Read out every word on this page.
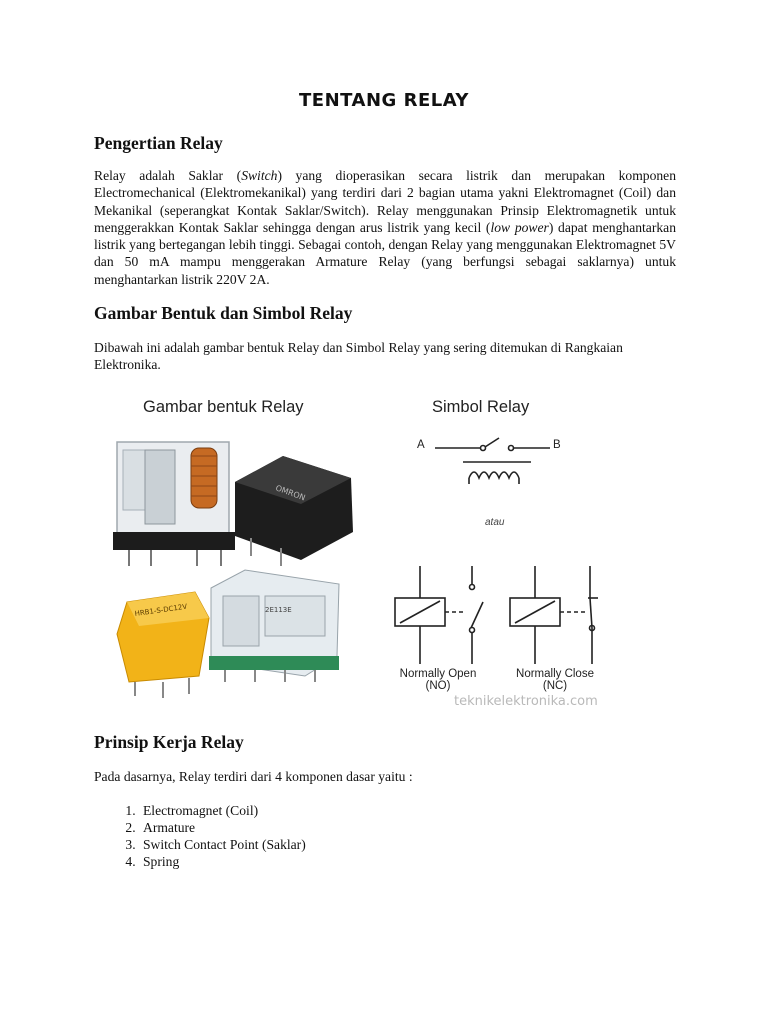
TENTANG RELAY
Pengertian Relay

Relay adalah Saklar (Switch) yang dioperasikan secara listrik dan merupakan komponen Electromechanical (Elektromekanikal) yang terdiri dari 2 bagian utama yakni Elektromagnet (Coil) dan Mekanikal (seperangkat Kontak Saklar/Switch). Relay menggunakan Prinsip Elektromagnetik untuk menggerakkan Kontak Saklar sehingga dengan arus listrik yang kecil (low power) dapat menghantarkan listrik yang bertegangan lebih tinggi. Sebagai contoh, dengan Relay yang menggunakan Elektromagnet 5V dan 50 mA mampu menggerakan Armature Relay (yang berfungsi sebagai saklarnya) untuk menghantarkan listrik 220V 2A.

Gambar Bentuk dan Simbol Relay

Dibawah ini adalah gambar bentuk Relay dan Simbol Relay yang sering ditemukan di Rangkaian Elektronika.

Gambar bentuk Relay	Simbol Relay
OMRON
HRB1-S-DC12V	2E113E
A	B
atau
Normally Open
(NO)
Normally Close
(NC)
teknikelektronika.com
Prinsip Kerja Relay

Pada dasarnya, Relay terdiri dari 4 komponen dasar yaitu :

1. Electromagnet (Coil)
2. Armature
3. Switch Contact Point (Saklar)
4. Spring
